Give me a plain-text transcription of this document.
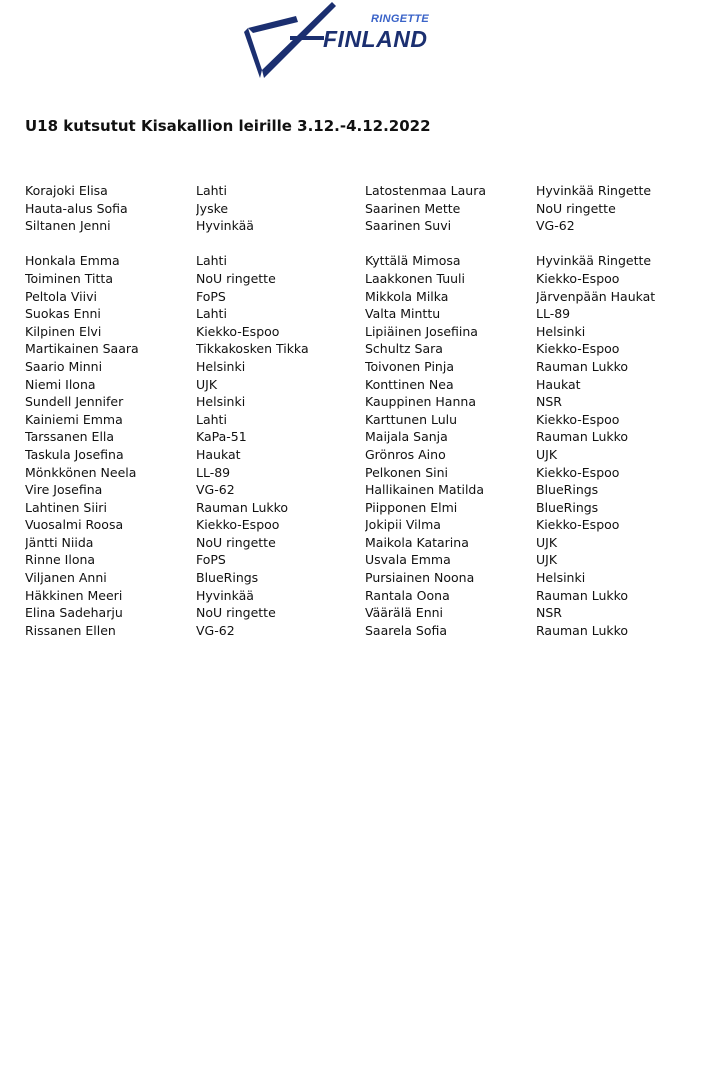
RINGETTE
FINLAND
U18 kutsutut Kisakallion leirille 3.12.-4.12.2022
Korajoki Elisa	Lahti	Latostenmaa Laura	Hyvinkää Ringette
Hauta-alus Sofia	Jyske	Saarinen Mette	NoU ringette
Siltanen Jenni	Hyvinkää	Saarinen Suvi	VG-62
Honkala Emma	Lahti	Kyttälä Mimosa	Hyvinkää Ringette
Toiminen Titta	NoU ringette	Laakkonen Tuuli	Kiekko-Espoo
Peltola Viivi	FoPS	Mikkola Milka	Järvenpään Haukat
Suokas Enni	Lahti	Valta Minttu	LL-89
Kilpinen Elvi	Kiekko-Espoo	Lipiäinen Josefiina	Helsinki
Martikainen Saara	Tikkakosken Tikka	Schultz Sara	Kiekko-Espoo
Saario Minni	Helsinki	Toivonen Pinja	Rauman Lukko
Niemi Ilona	UJK	Konttinen Nea	Haukat
Sundell Jennifer	Helsinki	Kauppinen Hanna	NSR
Kainiemi Emma	Lahti	Karttunen Lulu	Kiekko-Espoo
Tarssanen Ella	KaPa-51	Maijala Sanja	Rauman Lukko
Taskula Josefina	Haukat	Grönros Aino	UJK
Mönkkönen Neela	LL-89	Pelkonen Sini	Kiekko-Espoo
Vire Josefina	VG-62	Hallikainen Matilda	BlueRings
Lahtinen Siiri	Rauman Lukko	Piipponen Elmi	BlueRings
Vuosalmi Roosa	Kiekko-Espoo	Jokipii Vilma	Kiekko-Espoo
Jäntti Niida	NoU ringette	Maikola Katarina	UJK
Rinne Ilona	FoPS	Usvala Emma	UJK
Viljanen Anni	BlueRings	Pursiainen Noona	Helsinki
Häkkinen Meeri	Hyvinkää	Rantala Oona	Rauman Lukko
Elina Sadeharju	NoU ringette	Väärälä Enni	NSR
Rissanen Ellen	VG-62	Saarela Sofia	Rauman Lukko
